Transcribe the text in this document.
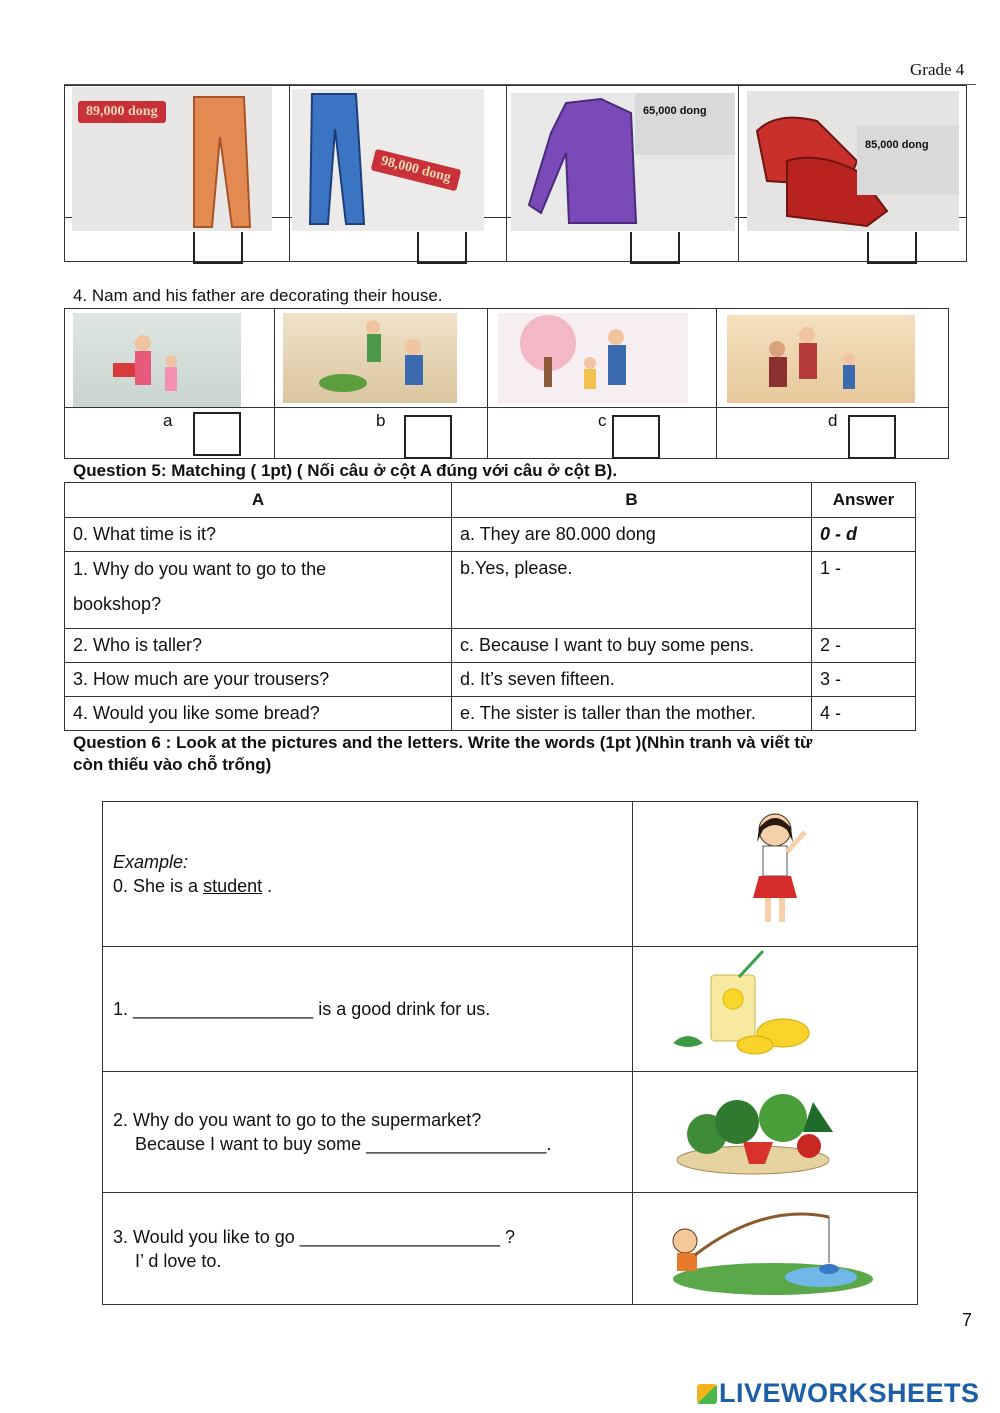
Grade 4

89,000 dong
98,000 dong
65,000 dong
85,000 dong
4. Nam and his father are decorating their house.

a	b	c	d
Question 5: Matching ( 1pt) ( Nối câu ở cột A đúng với câu ở cột B).
A	B	Answer
0. What time is it?	a. They are 80.000 dong	0 - d
1. Why do you want to go to the
bookshop?	b.Yes, please.	1 -
2. Who is taller?	c. Because I want to buy some pens.	2 -
3. How much are your trousers?	d. It’s seven fifteen.	3 -
4. Would you like some bread?	e. The sister is taller than the mother.	4 -
Question 6 : Look at the pictures and the letters. Write the words (1pt )(Nhìn tranh và viết từ
còn thiếu vào chỗ trống)
Example:
0. She is a student .	
1. __________________ is a good drink for us.	
2. Why do you want to go to the supermarket?
Because I want to buy some __________________.	
3. Would you like to go ____________________ ?
I’ d love to.	
7
LIVEWORKSHEETS
